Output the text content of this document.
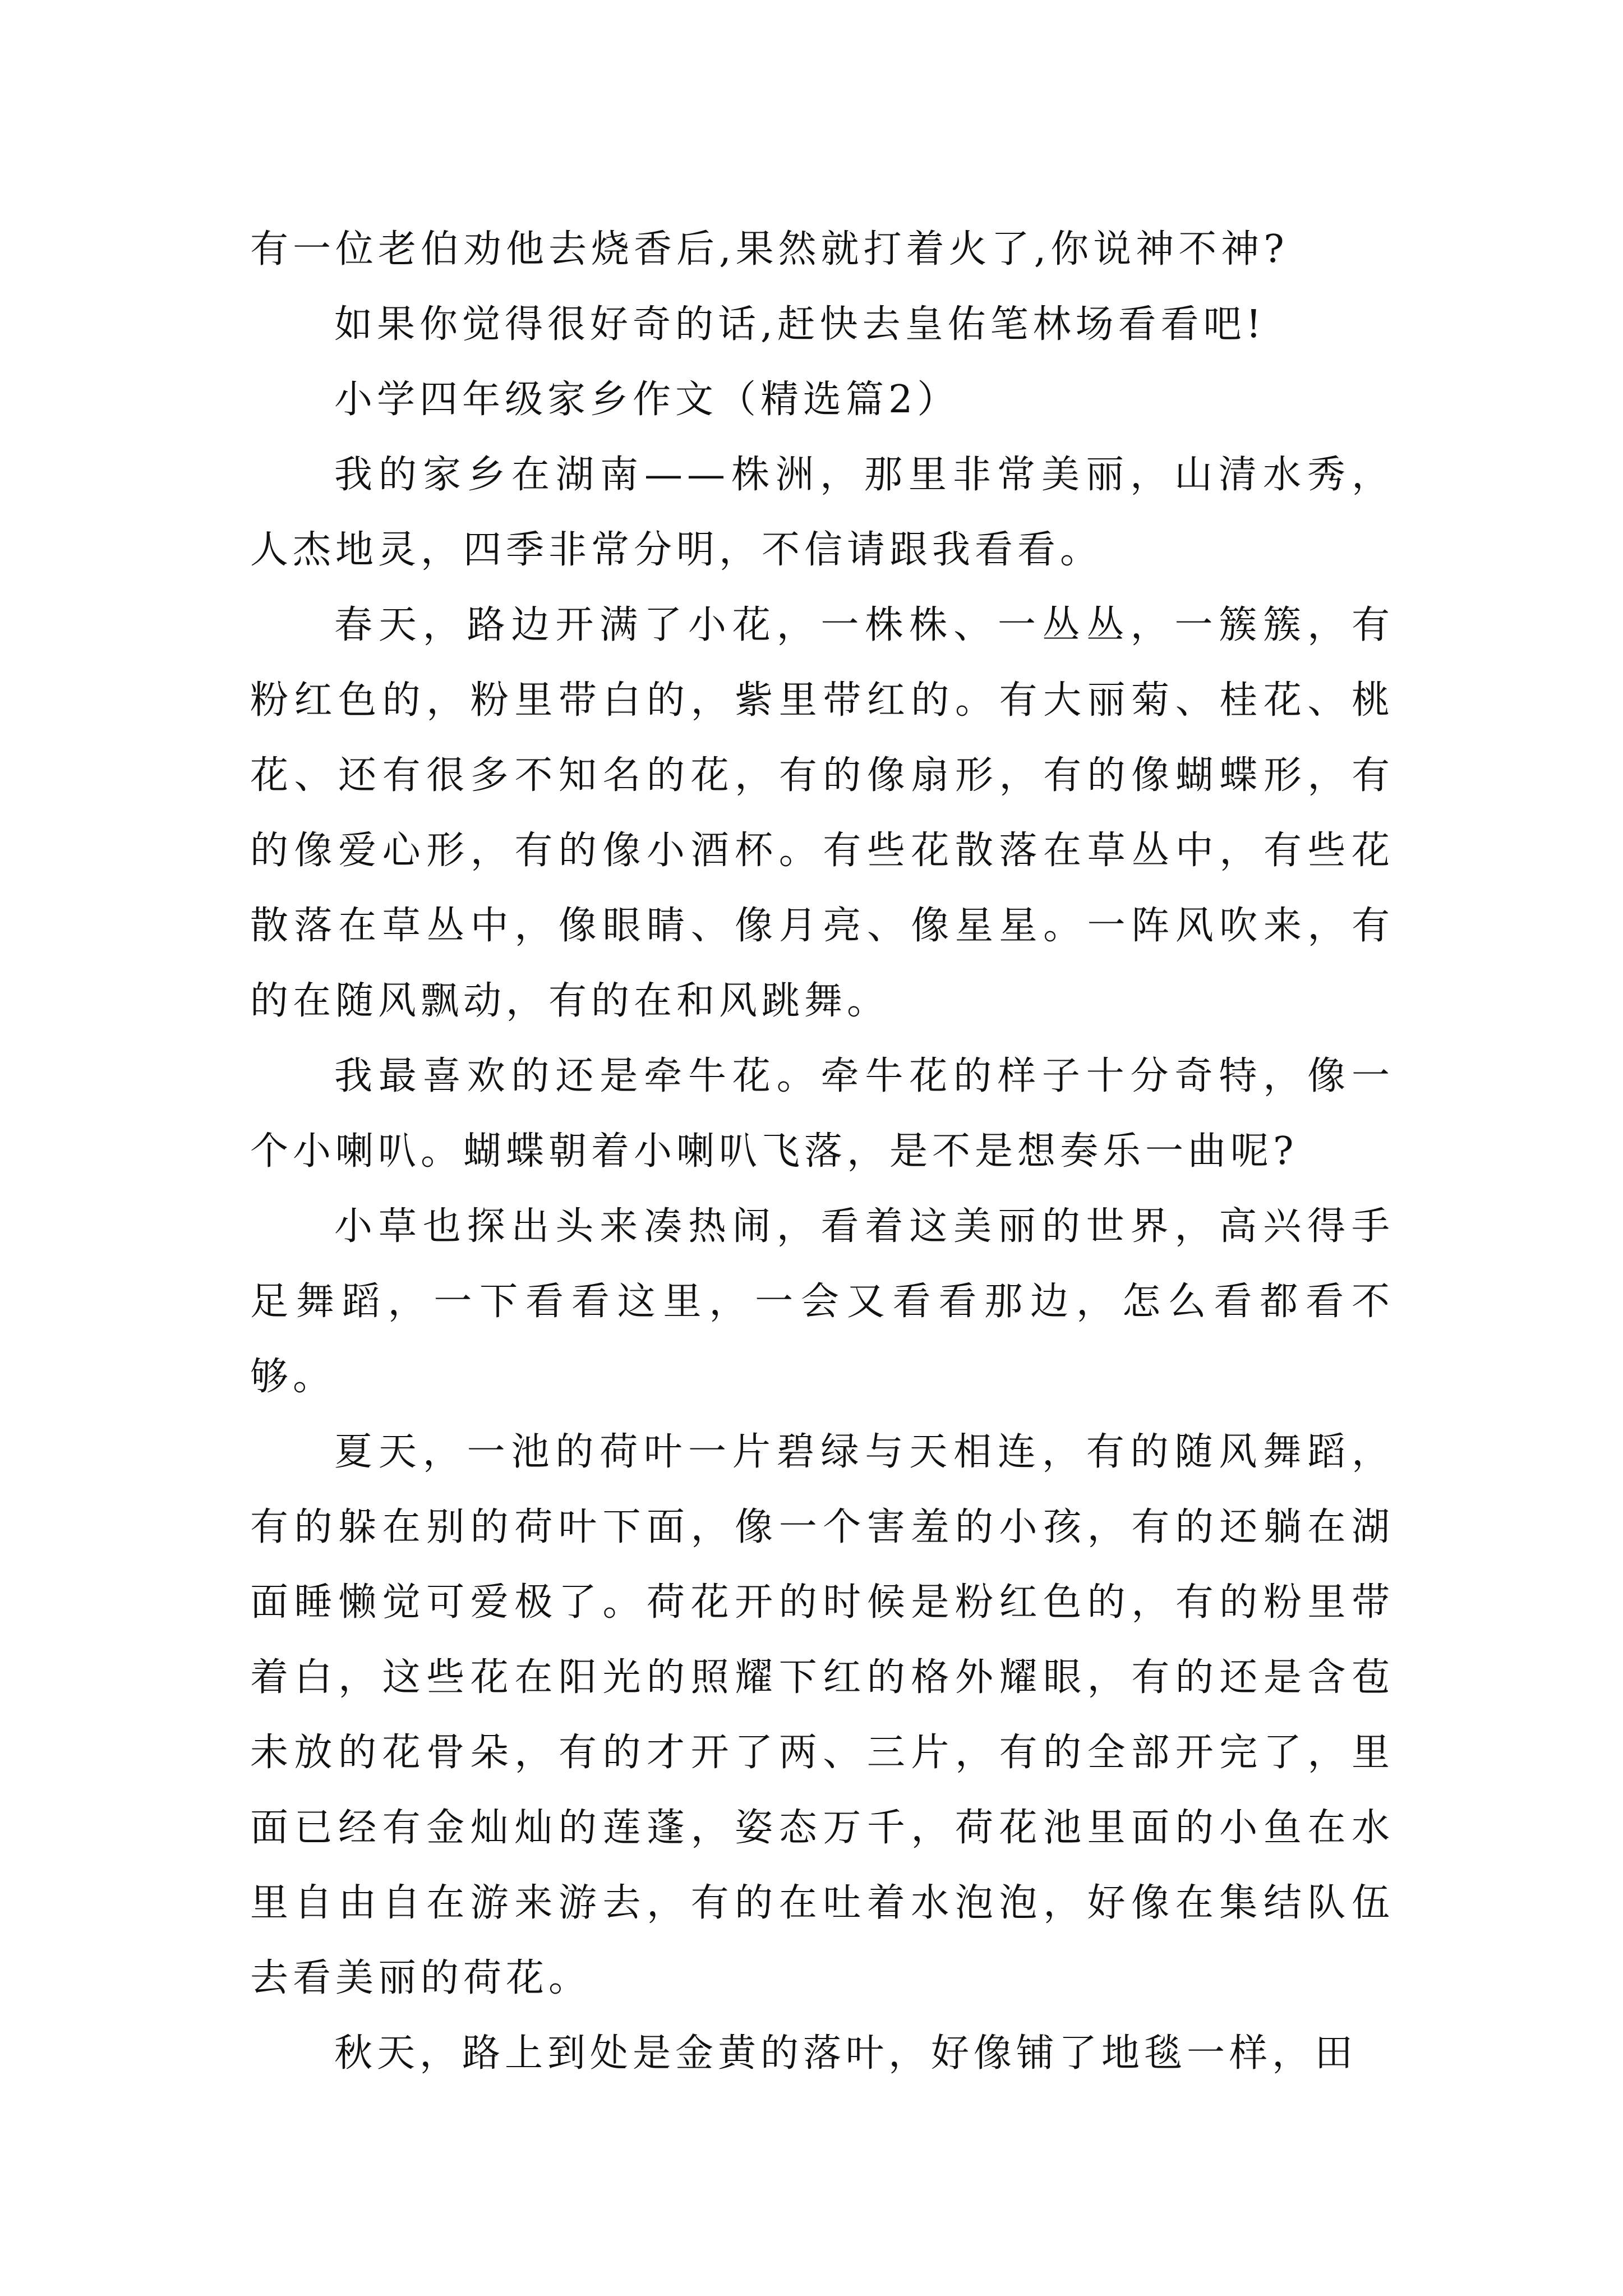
有一位老伯劝他去烧香后,果然就打着火了,你说神不神?

如果你觉得很好奇的话,赶快去皇佑笔林场看看吧!

小学四年级家乡作文（精选篇2）

我的家乡在湖南——株洲，那里非常美丽，山清水秀，人杰地灵，四季非常分明，不信请跟我看看。

春天，路边开满了小花，一株株、一丛丛，一簇簇，有粉红色的，粉里带白的，紫里带红的。有大丽菊、桂花、桃花、还有很多不知名的花，有的像扇形，有的像蝴蝶形，有的像爱心形，有的像小酒杯。有些花散落在草丛中，有些花散落在草丛中，像眼睛、像月亮、像星星。一阵风吹来，有的在随风飘动，有的在和风跳舞。

我最喜欢的还是牵牛花。牵牛花的样子十分奇特，像一个小喇叭。蝴蝶朝着小喇叭飞落，是不是想奏乐一曲呢?

小草也探出头来凑热闹，看着这美丽的世界，高兴得手足舞蹈，一下看看这里，一会又看看那边，怎么看都看不够。

夏天，一池的荷叶一片碧绿与天相连，有的随风舞蹈，有的躲在别的荷叶下面，像一个害羞的小孩，有的还躺在湖面睡懒觉可爱极了。荷花开的时候是粉红色的，有的粉里带着白，这些花在阳光的照耀下红的格外耀眼，有的还是含苞未放的花骨朵，有的才开了两、三片，有的全部开完了，里面已经有金灿灿的莲蓬，姿态万千，荷花池里面的小鱼在水里自由自在游来游去，有的在吐着水泡泡，好像在集结队伍去看美丽的荷花。

秋天，路上到处是金黄的落叶，好像铺了地毯一样，田
